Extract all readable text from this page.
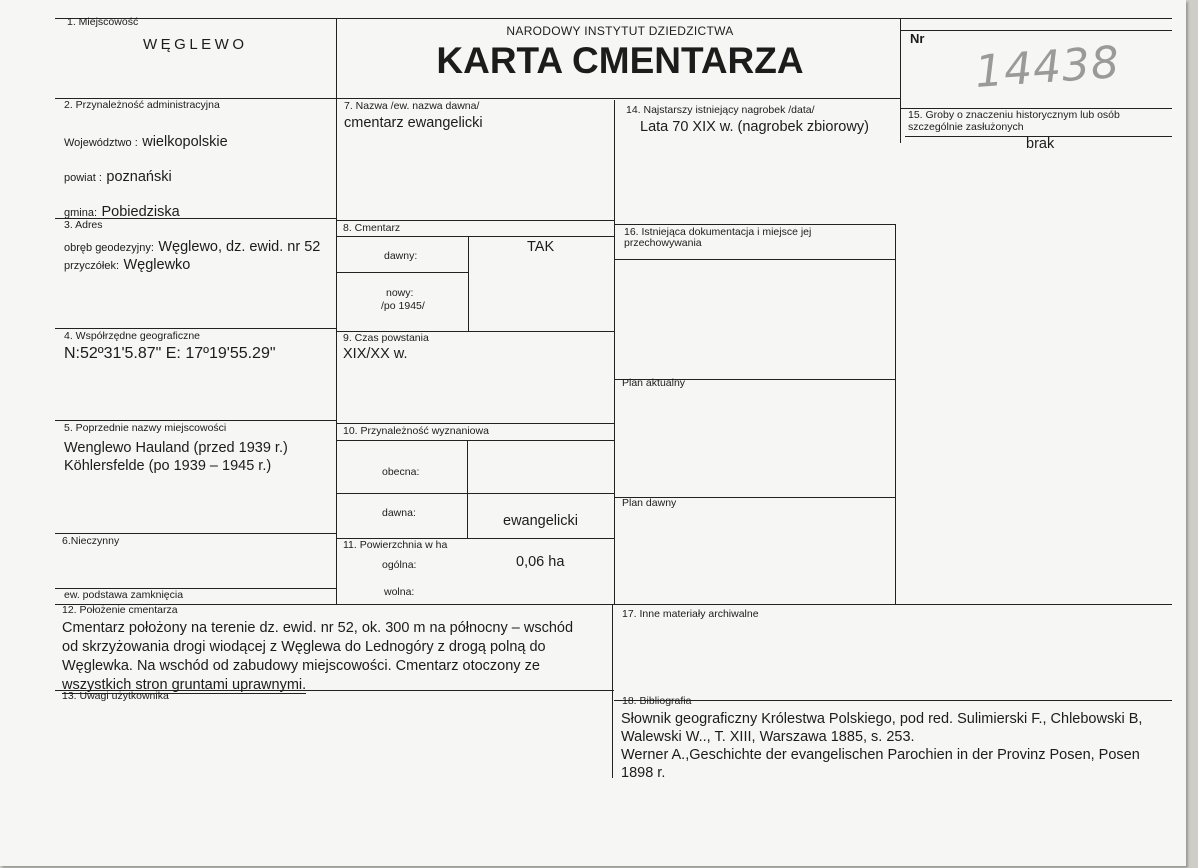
NARODOWY INSTYTUT DZIEDZICTWA
KARTA CMENTARZA
Nr 14438
1. Miejscowość
WĘGLEWO
2. Przynależność administracyjna
Województwo : wielkopolskie
powiat : poznański
gmina: Pobiedziska
3. Adres
obręb geodezyjny: Węglewo, dz. ewid. nr 52
przyczółek: Węglewko
4. Współrzędne geograficzne
N:52º31'5.87" E: 17º19'55.29"
5. Poprzednie nazwy miejscowości
Wenglewo Hauland (przed 1939 r.)
Köhlersfelde (po 1939 – 1945 r.)
6.Nieczynny
ew. podstawa zamknięcia
7. Nazwa /ew. nazwa dawna/
cmentarz ewangelicki
8. Cmentarz
dawny:
TAK
nowy:
/po 1945/
9. Czas powstania
XIX/XX w.
10. Przynależność wyznaniowa
obecna:
dawna:	ewangelicki
11. Powierzchnia w ha
ogólna:	0,06 ha
wolna:
12. Położenie cmentarza
Cmentarz położony na terenie dz. ewid. nr 52, ok. 300 m na północny – wschód
od skrzyżowania drogi wiodącej z Węglewa do Lednogóry z drogą polną do
Węglewka. Na wschód od zabudowy miejscowości. Cmentarz otoczony ze
wszystkich stron gruntami uprawnymi.
13. Uwagi użytkownika
14. Najstarszy istniejący nagrobek /data/
Lata 70 XIX w. (nagrobek zbiorowy)
15. Groby o znaczeniu historycznym lub osób
szczególnie zasłużonych
brak
16. Istniejąca dokumentacja i miejsce jej
przechowywania
Plan aktualny
Plan dawny
17. Inne materiały archiwalne
18. Bibliografia
Słownik geograficzny Królestwa Polskiego, pod red. Sulimierski F., Chlebowski B,
Walewski W.., T. XIII, Warszawa 1885, s. 253.
Werner A.,Geschichte der evangelischen Parochien in der Provinz Posen, Posen
1898 r.
